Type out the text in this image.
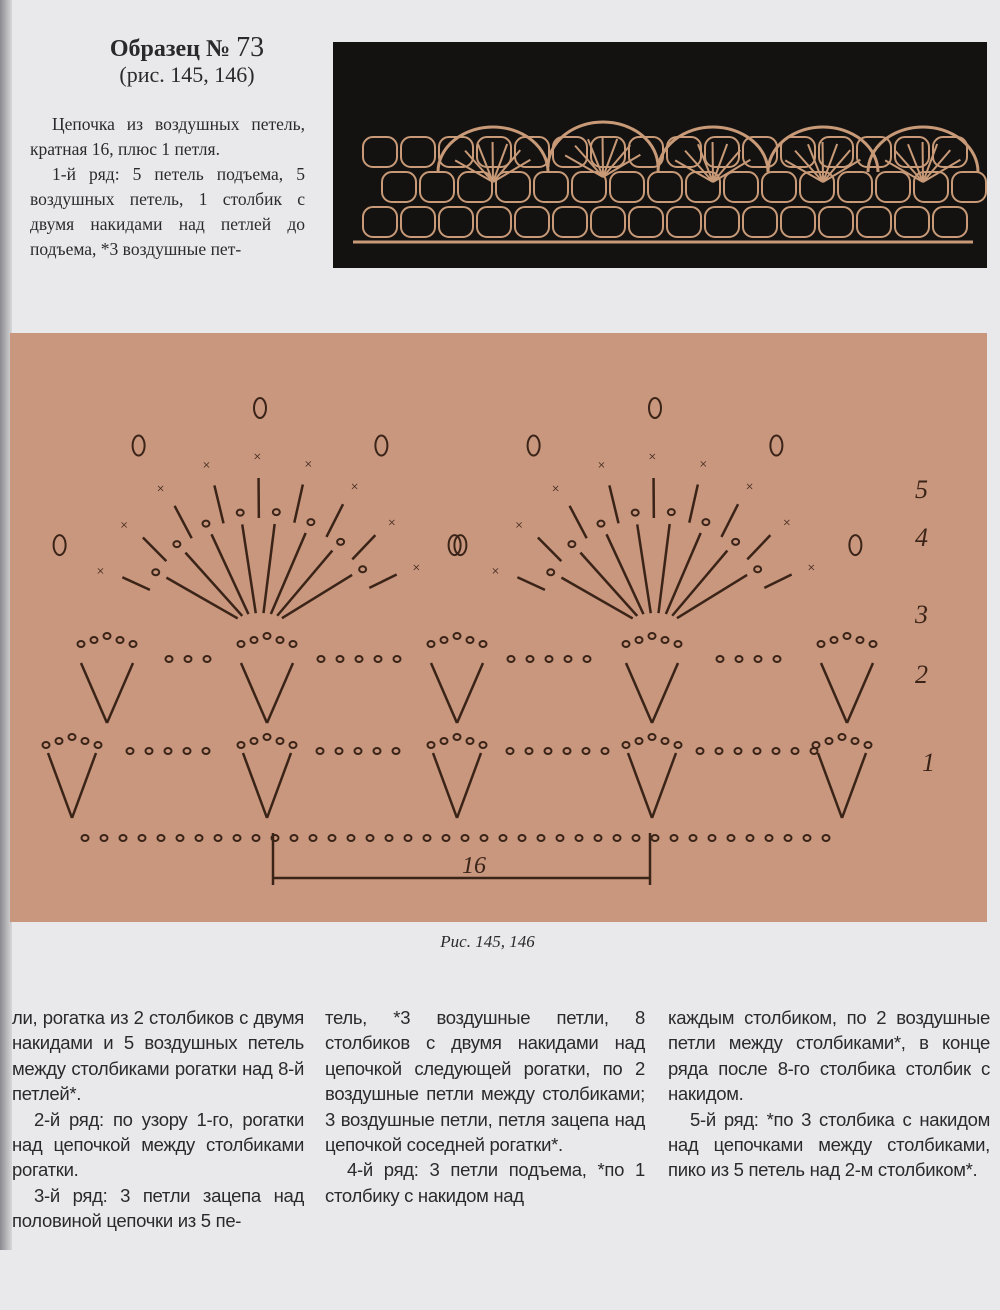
Образец № 73
(рис. 145, 146)

Цепочка из воздушных петель, кратная 16, плюс 1 петля.

1-й ряд: 5 петель подъема, 5 воздушных петель, 1 столбик с двумя накидами над петлей до подъема, *3 воздушные пет-

1
2
3
4
5
16
×
×
×
×
×	×
×
×
×	×
×
×
×
×	×
×
×
×
Рис. 145, 146

ли, рогатка из 2 столбиков с двумя накидами и 5 воздушных петель между столбиками рогатки над 8-й петлей*.

2-й ряд: по узору 1-го, рогатки над цепочкой между столбиками рогатки.

3-й ряд: 3 петли зацепа над половиной цепочки из 5 пе-

тель, *3 воздушные петли, 8 столбиков с двумя накидами над цепочкой следующей рогатки, по 2 воздушные петли между столбиками; 3 воздушные петли, петля зацепа над цепочкой соседней рогатки*.

4-й ряд: 3 петли подъема, *по 1 столбику с накидом над

каждым столбиком, по 2 воздушные петли между столбиками*, в конце ряда после 8-го столбика столбик с накидом.

5-й ряд: *по 3 столбика с накидом над цепочками между столбиками, пико из 5 петель над 2-м столбиком*.
